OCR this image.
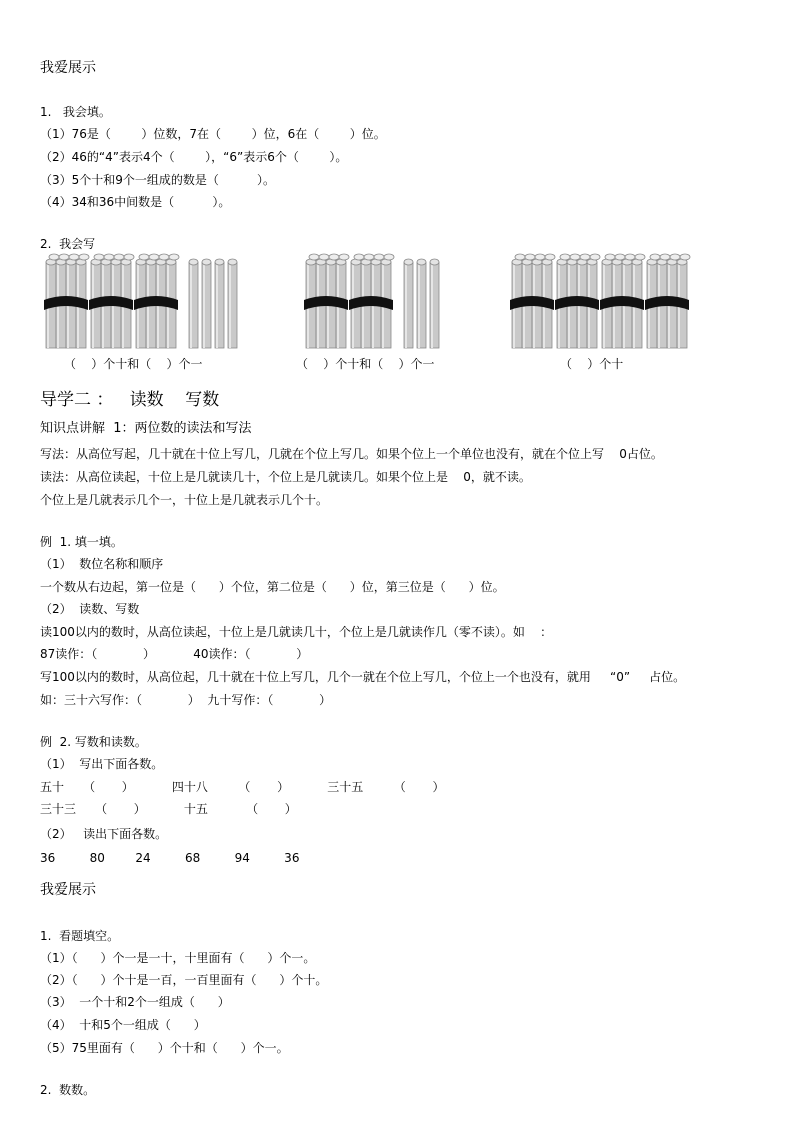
我爱展示
1.   我会填。
（1）76是（        ）位数，7在（        ）位，6在（        ）位。
（2）46的“4”表示4个（        ），“6”表示6个（        ）。
（3）5个十和9个一组成的数是（          ）。
（4）34和36中间数是（          ）。
2.  我会写
（    ）个十和（    ）个一	（    ）个十和（    ）个一	（    ）个十
导学二 ：   读数    写数
知识点讲解  1：两位数的读法和写法
写法：从高位写起，几十就在十位上写几，几就在个位上写几。如果个位上一个单位也没有，就在个位上写    0占位。
读法：从高位读起，十位上是几就读几十，个位上是几就读几。如果个位上是    0，就不读。
个位上是几就表示几个一，十位上是几就表示几个十。
例  1. 填一填。
（1）  数位名称和顺序
一个数从右边起，第一位是（      ）个位，第二位是（      ）位，第三位是（      ）位。
（2）  读数、写数
读100以内的数时，从高位读起，十位上是几就读几十，个位上是几就读作几（零不读）。如    ：
87读作：（            ）          40读作：（            ）
写100以内的数时，从高位起，几十就在十位上写几，几个一就在个位上写几，个位上一个也没有，就用     “0”     占位。
如：三十六写作：（            ）  九十写作：（            ）
例  2. 写数和读数。
（1）  写出下面各数。
五十     （       ）          四十八        （       ）          三十五        （       ）
三十三     （       ）          十五          （       ）
（2）   读出下面各数。
36         80        24         68         94         36
我爱展示
1.  看题填空。
（1）（      ）个一是一十，十里面有（      ）个一。
（2）（      ）个十是一百，一百里面有（      ）个十。
（3）  一个十和2个一组成（      ）
（4）  十和5个一组成（      ）
（5）75里面有（      ）个十和（      ）个一。
2.  数数。
